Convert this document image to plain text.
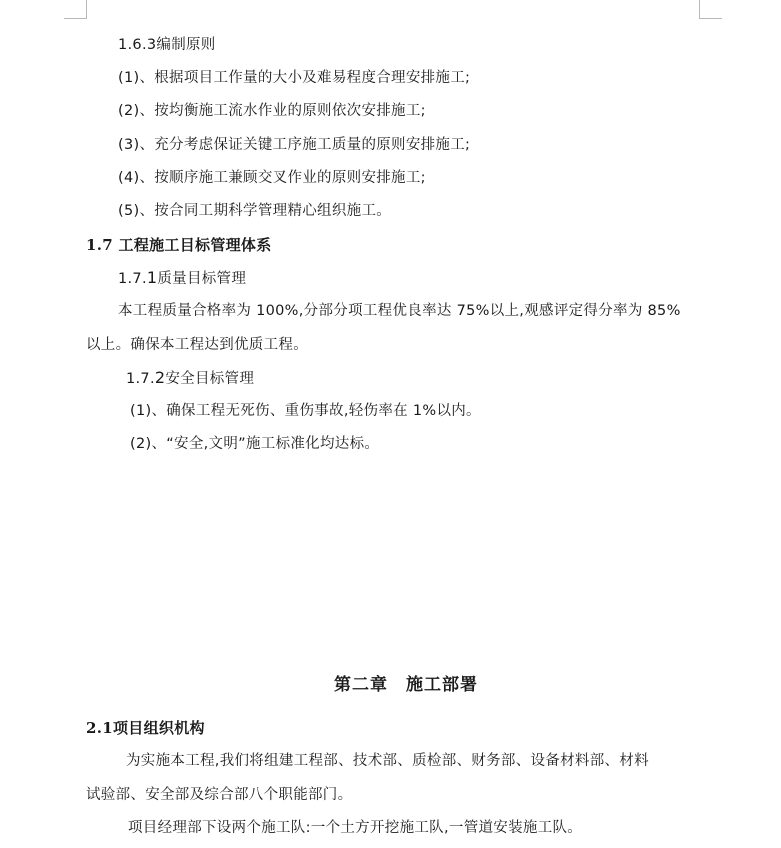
1.6.3编制原则
(1)、根据项目工作量的大小及难易程度合理安排施工;
(2)、按均衡施工流水作业的原则依次安排施工;
(3)、充分考虑保证关键工序施工质量的原则安排施工;
(4)、按顺序施工兼顾交叉作业的原则安排施工;
(5)、按合同工期科学管理精心组织施工。
1.7 工程施工目标管理体系
1.7.1质量目标管理
本工程质量合格率为 100%,分部分项工程优良率达 75%以上,观感评定得分率为 85%
以上。确保本工程达到优质工程。
1.7.2安全目标管理
(1)、确保工程无死伤、重伤事故,轻伤率在 1%以内。
(2)、“安全,文明”施工标准化均达标。
第二章　施工部署
2.1项目组织机构
为实施本工程,我们将组建工程部、技术部、质检部、财务部、设备材料部、材料
试验部、安全部及综合部八个职能部门。
项目经理部下设两个施工队:一个土方开挖施工队,一管道安装施工队。
